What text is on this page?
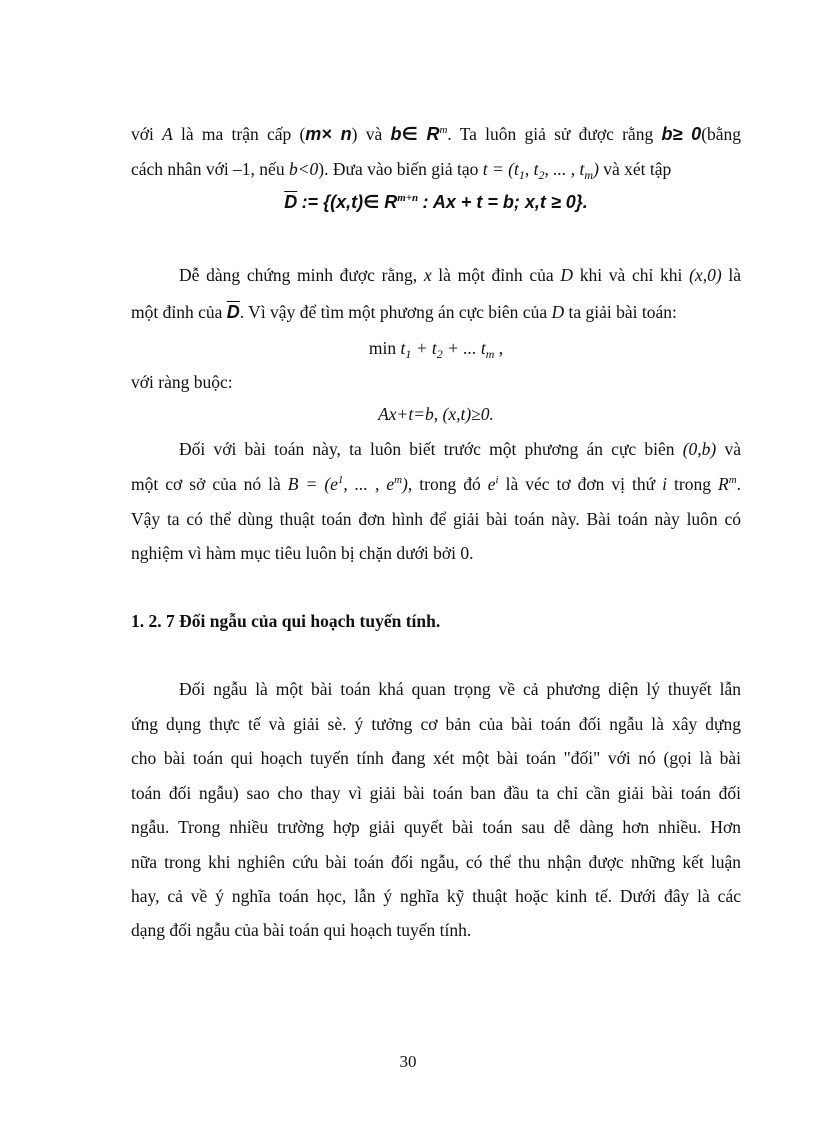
với A là ma trận cấp (m× n) và b∈ $R^m$. Ta luôn giả sử được rằng b≥ 0(bằng
cách nhân với –1, nếu b<0). Đưa vào biến giả tạo $t = (t_1$, $t_2$, ... , $t_m$) và xét tập
$\overline{D}$ := {(x,t)∈ $R^{m+n}$ : Ax + t = b; x,t ≥ 0}.
Dễ dàng chứng minh được rằng, x là một đỉnh của D khi và chỉ khi (x,0) là
một đỉnh của $\overline{D}$. Vì vậy để tìm một phương án cực biên của D ta giải bài toán:
$\min t_1 + t_2$ + ... $t_m$ ,
với ràng buộc:
Ax+t=b, (x,t)≥0.
Đối với bài toán này, ta luôn biết trước một phương án cực biên (0,b) và
một cơ sở của nó là $B = (e^1$, ... , $e^m$), trong đó $e^i$ là véc tơ đơn vị thứ i trong $R^m$.
Vậy ta có thể dùng thuật toán đơn hình để giải bài toán này. Bài toán này luôn có
nghiệm vì hàm mục tiêu luôn bị chặn dưới bởi 0.
1. 2. 7 Đối ngẫu của qui hoạch tuyến tính.
Đối ngẫu là một bài toán khá quan trọng về cả phương diện lý thuyết lẫn
ứng dụng thực tế và giải sè. ý tưởng cơ bản của bài toán đối ngẫu là xây dựng
cho bài toán qui hoạch tuyến tính đang xét một bài toán "đối" với nó (gọi là bài
toán đối ngẫu) sao cho thay vì giải bài toán ban đầu ta chỉ cần giải bài toán đối
ngẫu. Trong nhiều trường hợp giải quyết bài toán sau dễ dàng hơn nhiều. Hơn
nữa trong khi nghiên cứu bài toán đối ngẫu, có thể thu nhận được những kết luận
hay, cả về ý nghĩa toán học, lẫn ý nghĩa kỹ thuật hoặc kinh tế. Dưới đây là các
dạng đối ngẫu của bài toán qui hoạch tuyến tính.
30
